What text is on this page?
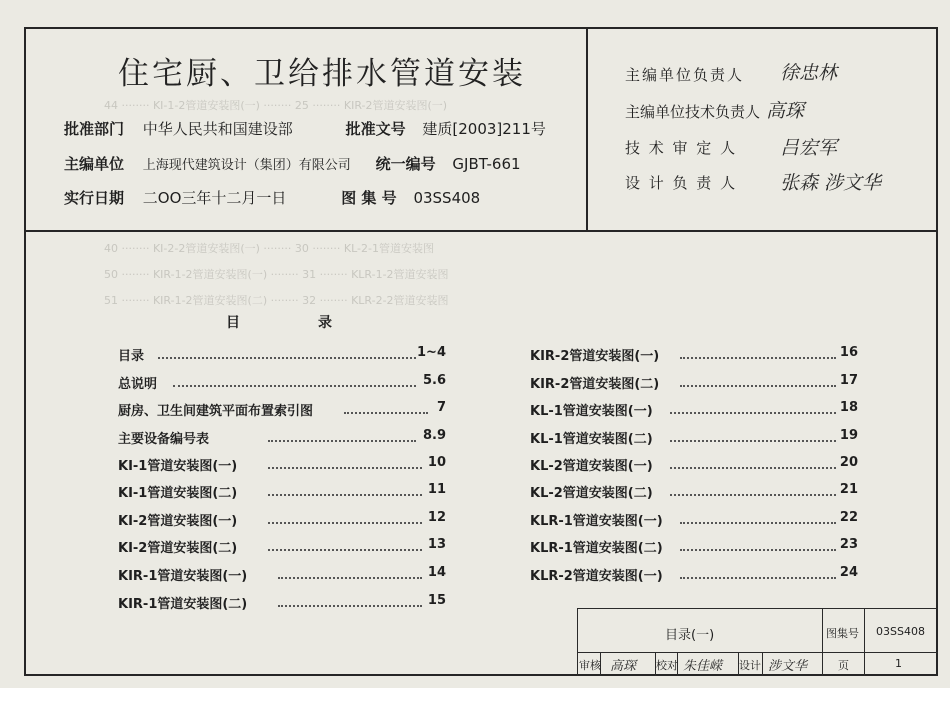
44 ········ KI-1-2管道安装图(一) ········ 25 ········ KIR-2管道安装图(一)
40 ········ KI-2-2管道安装图(一) ········ 30 ········ KL-2-1管道安装图
50 ········ KIR-1-2管道安装图(一) ········ 31 ········ KLR-1-2管道安装图
51 ········ KIR-1-2管道安装图(二) ········ 32 ········ KLR-2-2管道安装图
住宅厨、卫给排水管道安装
批准部门 中华人民共和国建设部	批准文号 建质[2003]211号
主编单位 上海现代建筑设计（集团）有限公司 统一编号 GJBT-661
实行日期 二OO三年十二月一日	图 集 号 03SS408
主编单位负责人 徐忠林
主编单位技术负责人 高琛
技 术 审 定 人 吕宏军
设 计 负 责 人 张森 涉文华
目	录
目录	1~4
总说明	5.6
厨房、卫生间建筑平面布置索引图	7
主要设备编号表	8.9
KI-1管道安装图(一)	10
KI-1管道安装图(二)	11
KI-2管道安装图(一)	12
KI-2管道安装图(二)	13
KIR-1管道安装图(一)	14
KIR-1管道安装图(二)	15
KIR-2管道安装图(一)	16
KIR-2管道安装图(二)	17
KL-1管道安装图(一)	18
KL-1管道安装图(二)	19
KL-2管道安装图(一)	20
KL-2管道安装图(二)	21
KLR-1管道安装图(一)	22
KLR-1管道安装图(二)	23
KLR-2管道安装图(一)	24
目录(一)	图集号 03SS408
审核 高琛 校对 朱佳嵘 设计 涉文华	页	1
